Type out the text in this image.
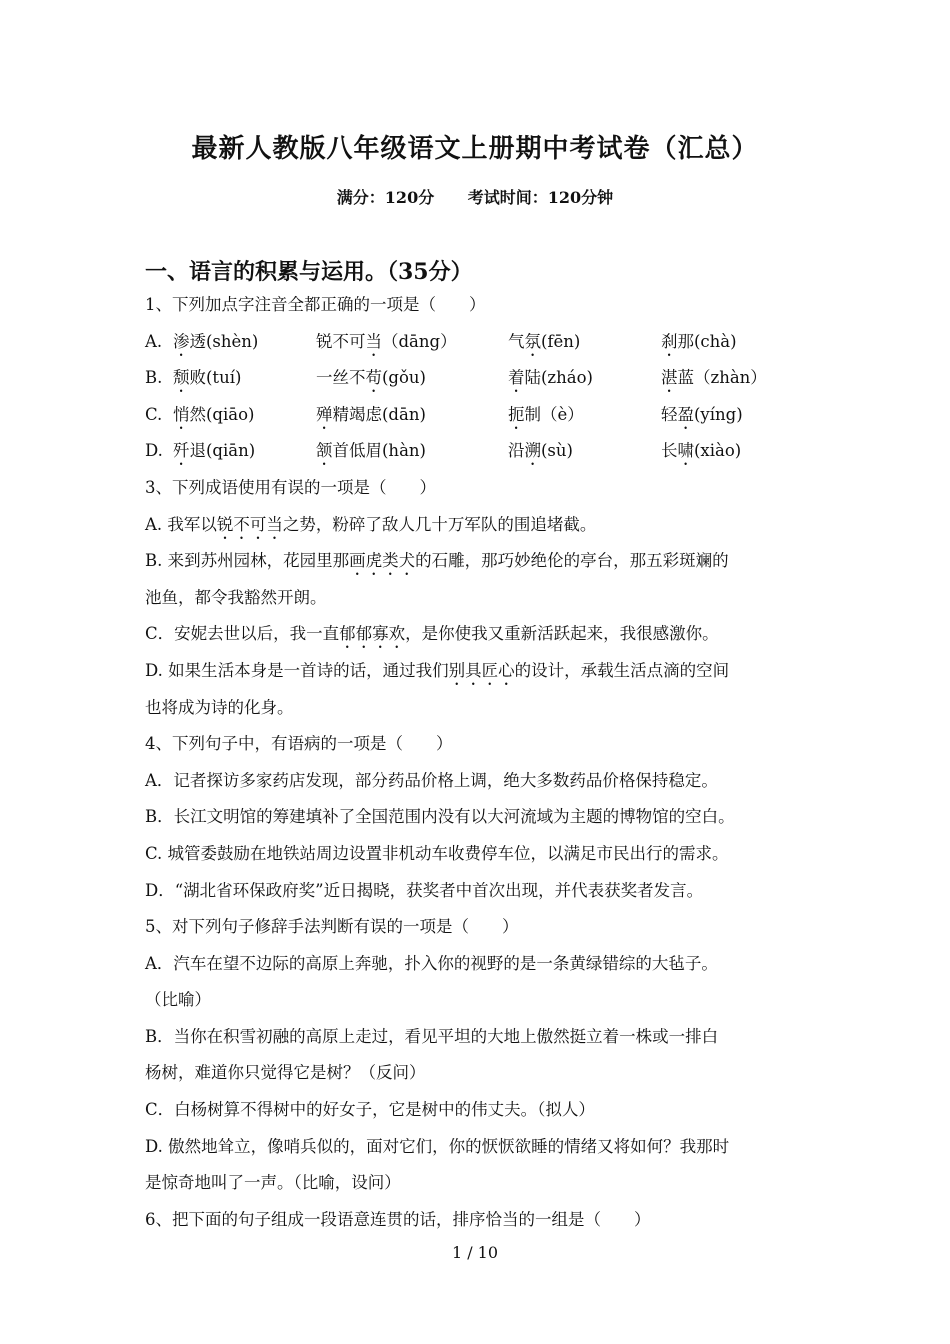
最新人教版八年级语文上册期中考试卷（汇总）
满分：120分 考试时间：120分钟
一、语言的积累与运用。（35分）
1、下列加点字注音全都正确的一项是（　　）
A. 渗透(shèn)	锐不可当（dāng）	气氛(fēn)	刹那(chà)
B. 颓败(tuí)	一丝不苟(gǒu)	着陆(zháo)	湛蓝（zhàn）
C. 悄然(qiāo)	殚精竭虑(dān)	扼制（è）	轻盈(yíng)
D. 歼退(qiān)	颔首低眉(hàn)	沿溯(sù)	长啸(xiào)
3、下列成语使用有误的一项是（　　）
A. 我军以锐不可当之势，粉碎了敌人几十万军队的围追堵截。
B. 来到苏州园林，花园里那画虎类犬的石雕，那巧妙绝伦的亭台，那五彩斑斓的
池鱼，都令我豁然开朗。
C．安妮去世以后，我一直郁郁寡欢，是你使我又重新活跃起来，我很感激你。
D. 如果生活本身是一首诗的话，通过我们别具匠心的设计，承载生活点滴的空间
也将成为诗的化身。
4、下列句子中，有语病的一项是（　　）
A．记者探访多家药店发现，部分药品价格上调，绝大多数药品价格保持稳定。
B．长江文明馆的筹建填补了全国范围内没有以大河流域为主题的博物馆的空白。
C. 城管委鼓励在地铁站周边设置非机动车收费停车位，以满足市民出行的需求。
D．“湖北省环保政府奖”近日揭晓，获奖者中首次出现，并代表获奖者发言。
5、对下列句子修辞手法判断有误的一项是（　　）
A．汽车在望不边际的高原上奔驰，扑入你的视野的是一条黄绿错综的大毡子。
（比喻）
B．当你在积雪初融的高原上走过，看见平坦的大地上傲然挺立着一株或一排白
杨树，难道你只觉得它是树？（反问）
C．白杨树算不得树中的好女子，它是树中的伟丈夫。（拟人）
D. 傲然地耸立，像哨兵似的，面对它们，你的恹恹欲睡的情绪又将如何？我那时
是惊奇地叫了一声。（比喻，设问）
6、把下面的句子组成一段语意连贯的话，排序恰当的一组是（　　）
1 / 10
